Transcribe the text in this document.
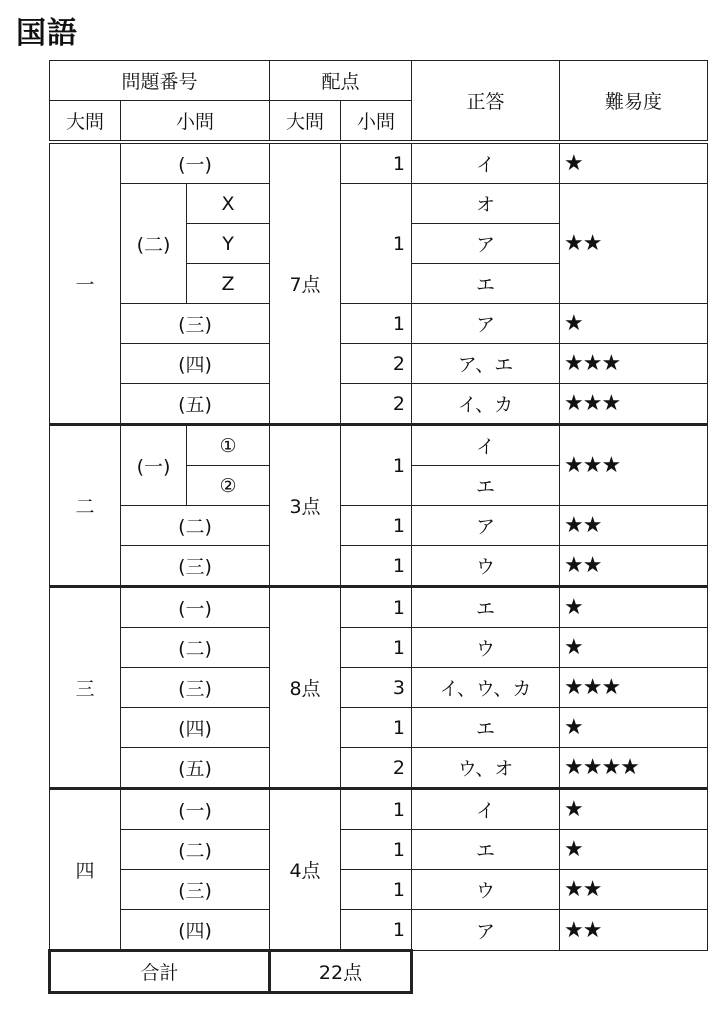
国語
問題番号			配点		正答	難易度
大問	小問		大問	小問		
一	(一)		7点	1	イ	★
	(二)	X		1	オ	★★
		Y			ア	
		Z			エ	
	(三)			1	ア	★
	(四)			2	ア、エ	★★★
	(五)			2	イ、カ	★★★
二	(一)	①	3点	1	イ	★★★
		②			エ	
	(二)			1	ア	★★
	(三)			1	ウ	★★
三	(一)		8点	1	エ	★
	(二)			1	ウ	★
	(三)			3	イ、ウ、カ	★★★
	(四)			1	エ	★
	(五)			2	ウ、オ	★★★★
四	(一)		4点	1	イ	★
	(二)			1	エ	★
	(三)			1	ウ	★★
	(四)			1	ア	★★
合計			22点			
